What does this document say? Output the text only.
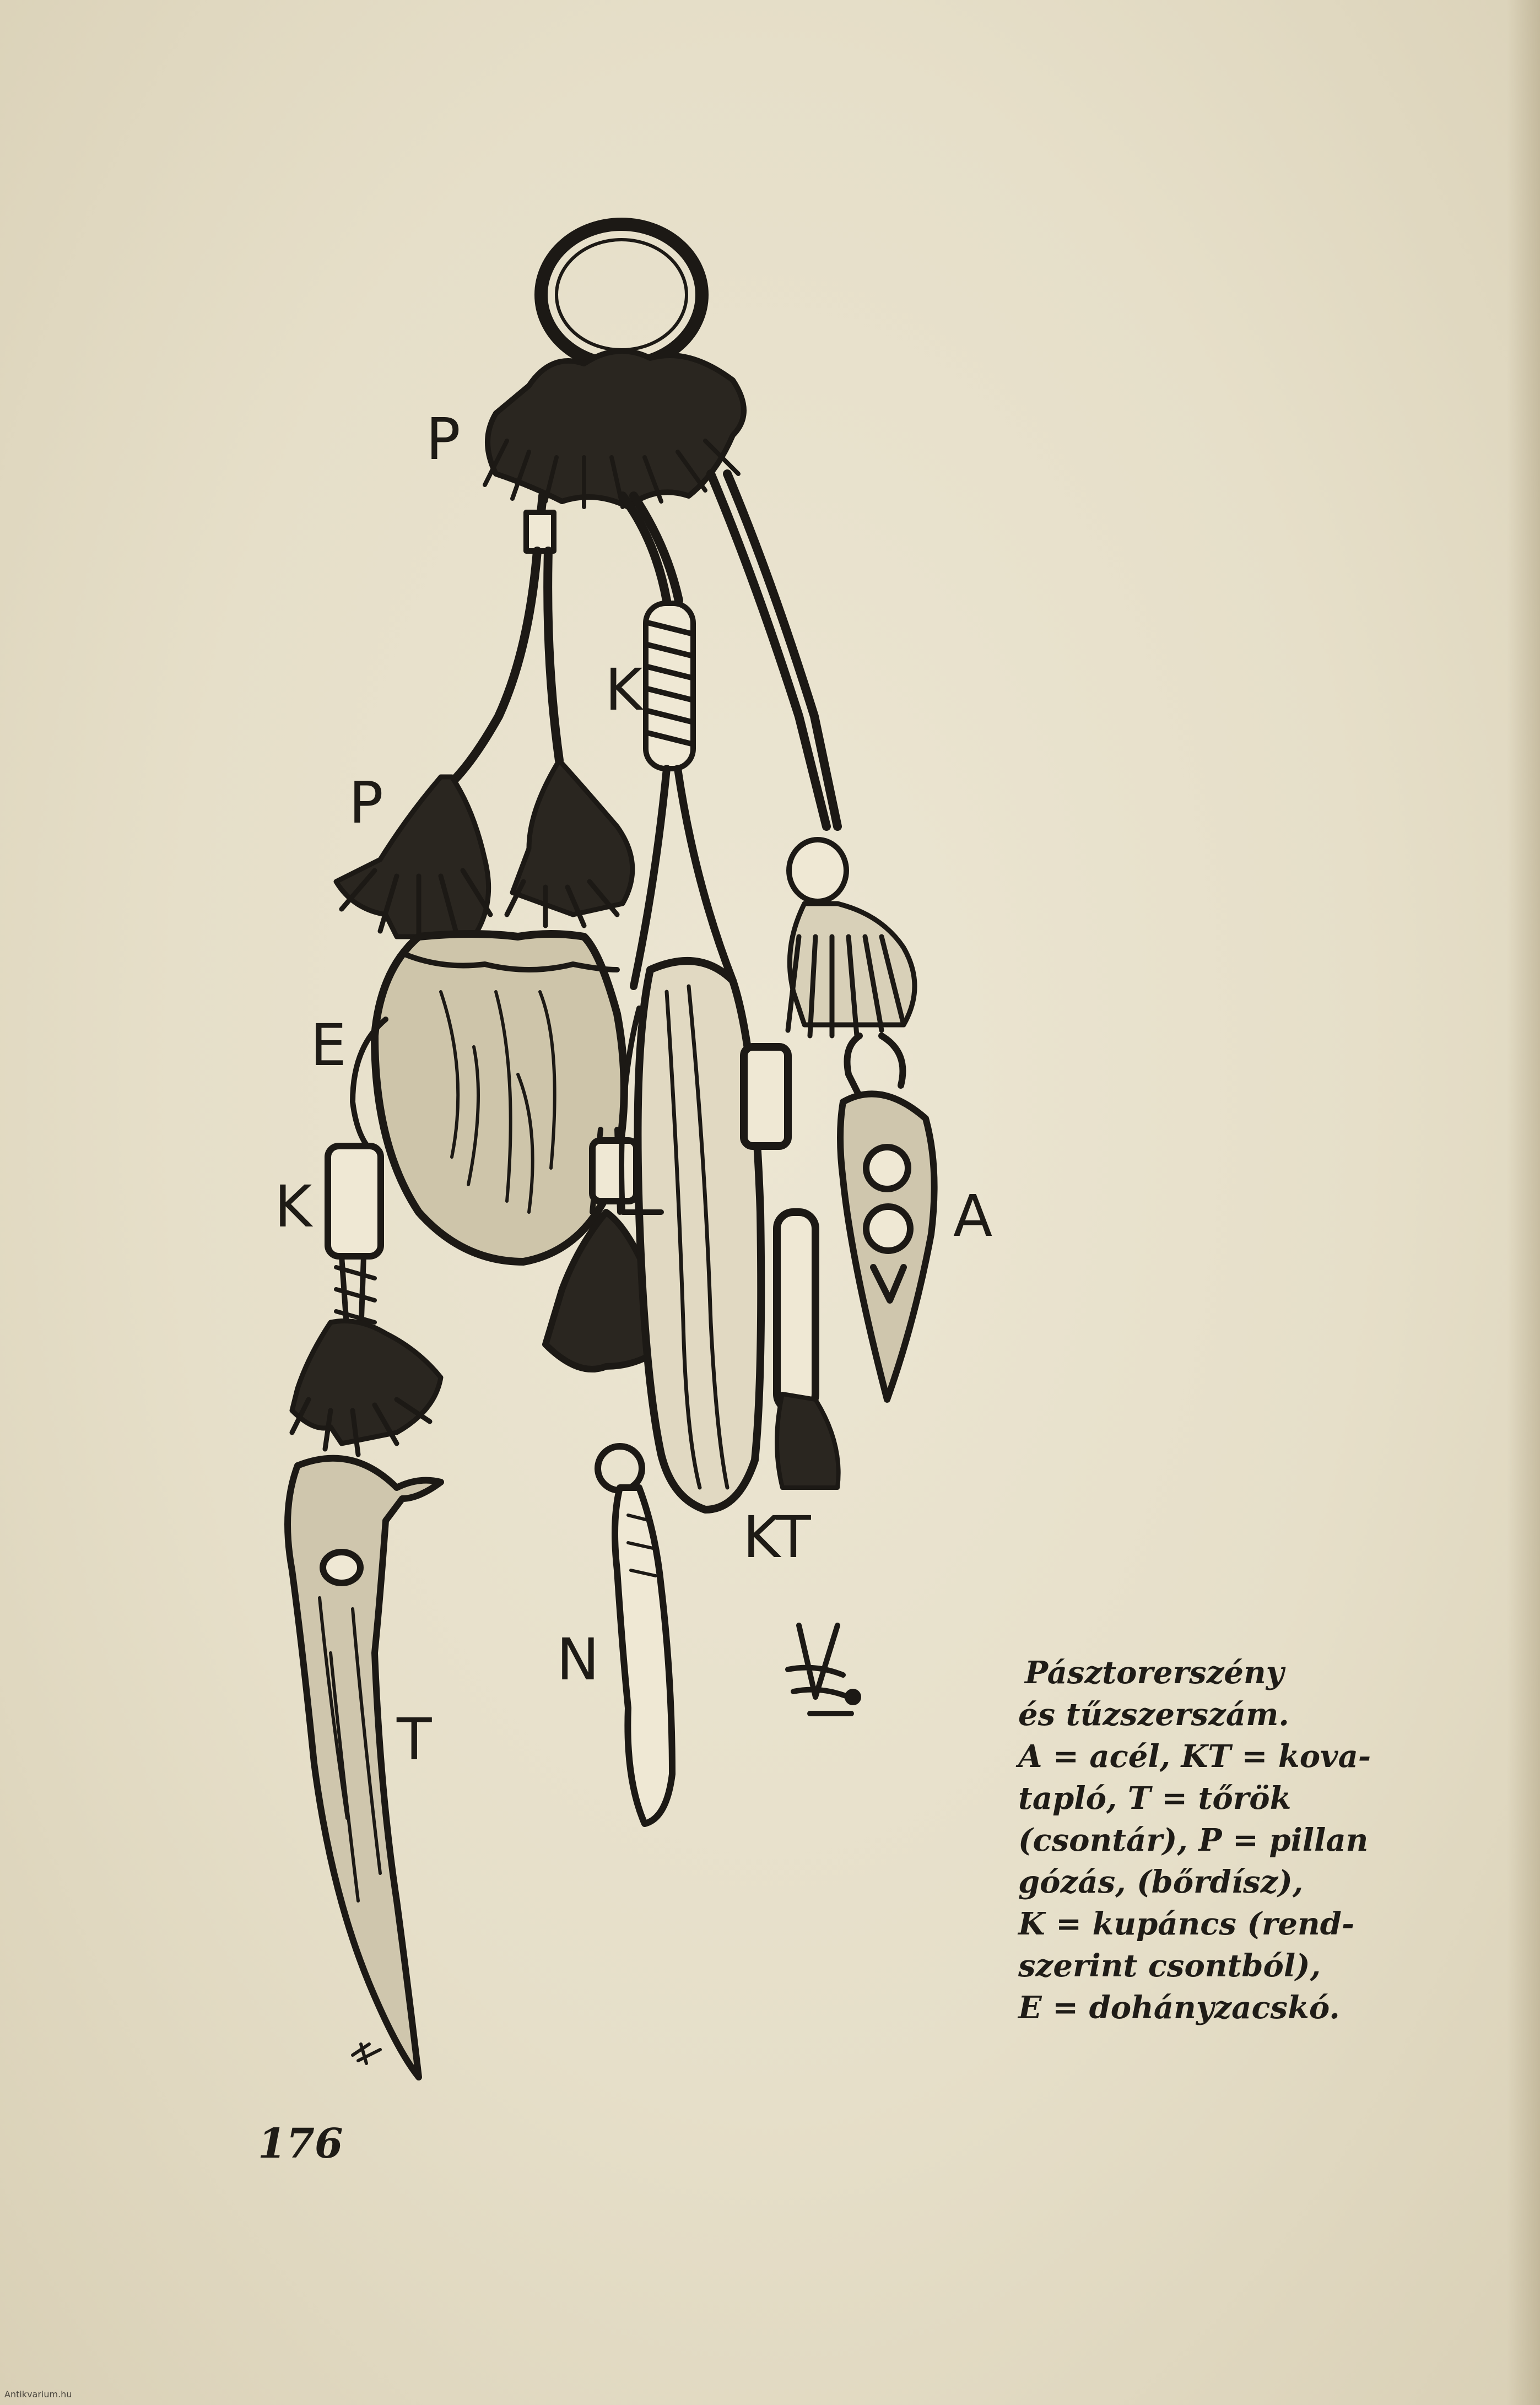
P
K
P
E
K	A
KT
N
T
Pásztorerszény
és tűzszerszám.
A = acél, KT = kova-
tapló, T = tőrök
(csontár), P = pillan
gózás, (bőrdísz),
K = kupáncs (rend-
szerint csontból),
E = dohányzacskó.
176
Antikvarium.hu
